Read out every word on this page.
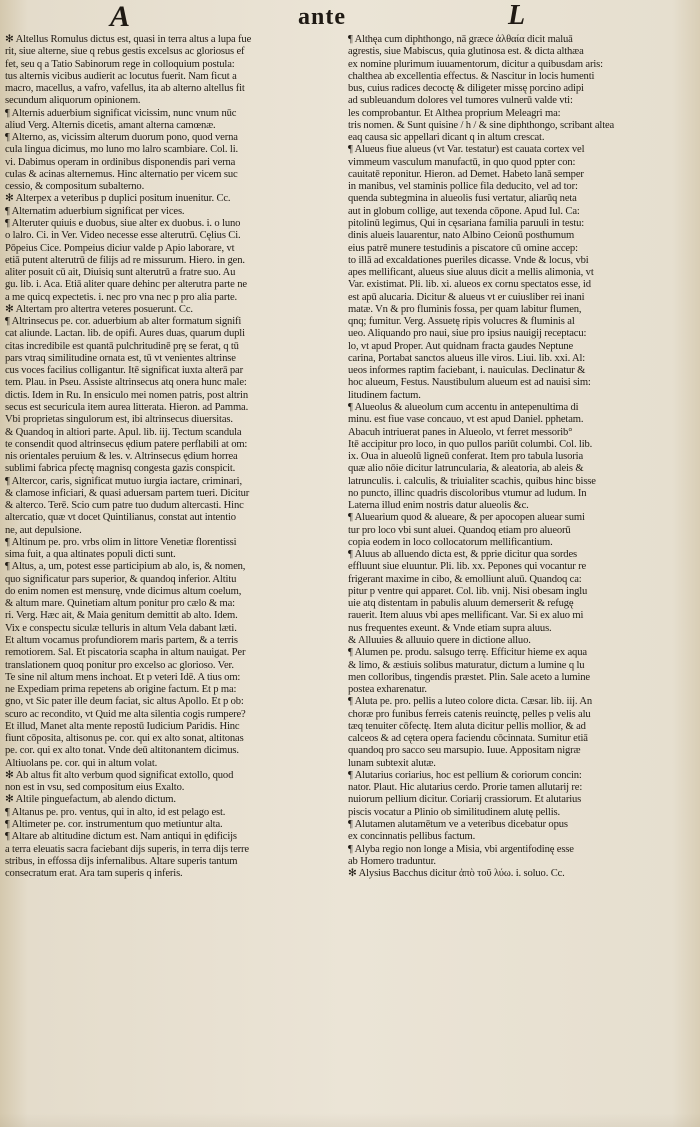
A	ante	L
✻ Altellus Romulus dictus est, quasi in terra altus a lupa fue
rit, siue alterne, siue q rebus gestis excelsus ac gloriosus ef
fet, seu q a Tatio Sabinorum rege in colloquium postula:
tus alternis vicibus audierit ac locutus fuerit. Nam ficut a
macro, macellus, a vafro, vafellus, ita ab alterno altellus fit
secundum aliquorum opinionem.
¶ Alternis aduerbium significat vicissim, nunc vnum nūc
aliud Verg. Alternis dicetis, amant alterna camœnæ.
¶ Alterno, as, vicissim alterum duorum pono, quod verna
cula lingua dicimus, mo luno mo lalro scambiare. Col. li.
vi. Dabimus operam in ordinibus disponendis pari verna
culas & acinas alternemus. Hinc alternatio per vicem suc
cessio, & compositum subalterno.
✻ Alterpex a veteribus p duplici positum inuenitur. Cc.
¶ Alternatim aduerbium significat per vices.
¶ Alteruter quiuis e duobus, siue alter ex duobus. i. o luno
o lalro. Ci. in Ver. Video necesse esse alterutrū. Cęlius Ci.
Pōpeius Cice. Pompeius diciur valde p Apio laborare, vt
etiā putent alterutrū de filijs ad re missurum. Hiero. in gen.
aliter posuit cū ait, Diuisiq sunt alterutrū a fratre suo. Au
gu. lib. i. Aca. Etiā aliter quare dehinc per alterutra parte ne
a me quicq expectetis. i. nec pro vna nec p pro alia parte.
✻ Altertam pro altertra veteres posuerunt. Cc.
¶ Altrinsecus pe. cor. aduerbium ab alter formatum signifi
cat aliunde. Lactan. lib. de opifi. Aures duas, quarum dupli
citas incredibile est quantā pulchritudinē prę se ferat, q tū
pars vtraq similitudine ornata est, tū vt venientes altrinse
cus voces facilius colligantur. Itē significat iuxta alterā par
tem. Plau. in Pseu. Assiste altrinsecus atq onera hunc male:
dictis. Idem in Ru. In ensiculo mei nomen patris, post altrin
secus est securicula item aurea litterata. Hieron. ad Pamma.
Vbi proprietas singulorum est, ibi altrinsecus diuersitas.
& Quandoq in altiori parte. Apul. lib. iij. Tectum scandula
te consendit quod altrinsecus ędium patere perflabili at om:
nis orientales peruium & les. v. Altrinsecus ędium horrea
sublimi fabrica pfectę magnisq congesta gazis conspicit.
¶ Altercor, caris, significat mutuo iurgia iactare, criminari,
& clamose inficiari, & quasi aduersam partem tueri. Dicitur
& alterco. Terē. Scio cum patre tuo dudum altercasti. Hinc
altercatio, quæ vt docet Quintilianus, constat aut intentio
ne, aut depulsione.
¶ Altinum pe. pro. vrbs olim in littore Venetiæ florentissi
sima fuit, a qua altinates populi dicti sunt.
¶ Altus, a, um, potest esse participium ab alo, is, & nomen,
quo significatur pars superior, & quandoq inferior. Altitu
do enim nomen est mensurę, vnde dicimus altum coelum,
& altum mare. Quinetiam altum ponitur pro cælo & ma:
ri. Verg. Hæc ait, & Maia genitum demittit ab alto. Idem.
Vix e conspectu siculæ telluris in altum Vela dabant læti.
Et altum vocamus profundiorem maris partem, & a terris
remotiorem. Sal. Et piscatoria scapha in altum nauigat. Per
translationem quoq ponitur pro excelso ac glorioso. Ver.
Te sine nil altum mens inchoat. Et p veteri Idē. A tius om:
ne Expediam prima repetens ab origine factum. Et p ma:
gno, vt Sic pater ille deum faciat, sic altus Apollo. Et p ob:
scuro ac recondito, vt Quid me alta silentia cogis rumpere?
Et illud, Manet alta mente repostū Iudicium Paridis. Hinc
fiunt cōposita, altisonus pe. cor. qui ex alto sonat, altitonas
pe. cor. qui ex alto tonat. Vnde deū altitonantem dicimus.
Altiuolans pe. cor. qui in altum volat.
✻ Ab altus fit alto verbum quod significat extollo, quod
non est in vsu, sed compositum eius Exalto.
✻ Altile pinguefactum, ab alendo dictum.
¶ Altanus pe. pro. ventus, qui in alto, id est pelago est.
¶ Altimeter pe. cor. instrumentum quo metiuntur alta.
¶ Altare ab altitudine dictum est. Nam antiqui in ędificijs
a terra eleuatis sacra faciebant dijs superis, in terra dijs terre
stribus, in effossa dijs infernalibus. Altare superis tantum
consecratum erat. Ara tam superis q inferis.
¶ Althęa cum diphthongo, nā græce ἀλθαία dicit maluā
agrestis, siue Mabiscus, quia glutinosa est. & dicta althæa
ex nomine plurimum iuuamentorum, dicitur a quibusdam aris:
chalthea ab excellentia effectus. & Nascitur in locis humenti
bus, cuius radices decoctę & diligeter missę porcino adipi
ad subleuandum dolores vel tumores vulnerū valde vti:
les comprobantur. Et Althea proprium Meleagri ma:
tris nomen. & Sunt quisine / h / & sine diphthongo, scribant altea
eaq causa sic appellari dicant q in altum crescat.
¶ Alueus fiue alueus (vt Var. testatur) est cauata cortex vel
vimmeum vasculum manufactū, in quo quod ppter con:
cauitatē reponitur. Hieron. ad Demet. Habeto lanā semper
in manibus, vel staminis pollice fila deducito, vel ad tor:
quenda subtegmina in alueolis fusi vertatur, aliarūq neta
aut in globum collige, aut texenda cōpone. Apud Iul. Ca:
pitolinū legimus, Qui in cęsariana familia paruuli in testu:
dinis alueis lauarentur, nato Albino Ceionū posthumum
eius patrē munere testudinis a piscatore cū omine accep:
to illā ad excaldationes pueriles dicasse. Vnde & locus, vbi
apes mellificant, alueus siue aluus dicit a mellis alimonia, vt
Var. existimat. Pli. lib. xi. alueos ex cornu spectatos esse, id
est apū alucaria. Dicitur & alueus vt er cuiusliber rei inani
matæ. Vn & pro fluminis fossa, per quam labitur flumen,
qnq; fumitur. Verg. Assuetę ripis volucres & fluminis al
ueo. Aliquando pro naui, siue pro ipsius nauigij receptacu:
lo, vt apud Proper. Aut quidnam fracta gaudes Neptune
carina, Portabat sanctos alueus ille viros. Liui. lib. xxi. Al:
ueos informes raptim faciebant, i. nauiculas. Declinatur &
hoc alueum, Festus. Naustibulum alueum est ad nauisi sim:
litudinem factum.
¶ Alueolus & alueolum cum accentu in antepenultima di
minu. est fiue vase concauo, vt est apud Daniel. pphetam.
Abacuh intriuerat panes in Alueolo, vt ferret messorib°
Itē accipitur pro loco, in quo pullos pariūt columbi. Col. lib.
ix. Oua in alueolū ligneū conferat. Item pro tabula lusoria
quæ alio nōie dicitur latruncularia, & aleatoria, ab aleis &
latrunculis. i. calculis, & triuialiter scachis, quibus hinc bisse
no puncto, illinc quadris discoloribus vtumur ad ludum. In
Laterna illud enim nostris datur alueolis &c.
¶ Aluearium quod & alueare, & per apocopen aluear sumi
tur pro loco vbi sunt aluei. Quandoq etiam pro alueorū
copia eodem in loco collocatorum mellificantium.
¶ Aluus ab alluendo dicta est, & pprie dicitur qua sordes
effluunt siue eluuntur. Pli. lib. xx. Pepones qui vocantur re
frigerant maxime in cibo, & emolliunt aluū. Quandoq ca:
pitur p ventre qui apparet. Col. lib. vnij. Nisi obesam inglu
uie atq distentam in pabulis aluum demerserit & refugę
rauerit. Item aluus vbi apes mellificant. Var. Si ex aluo mi
nus frequentes exeunt. & Vnde etiam supra aluus.
& Alluuies & alluuio quere in dictione alluo.
¶ Alumen pe. produ. salsugo terrę. Efficitur hieme ex aqua
& limo, & æstiuis solibus maturatur, dictum a lumine q lu
men colloribus, tingendis præstet. Plin. Sale aceto a lumine
postea exharenatur.
¶ Aluta pe. pro. pellis a luteo colore dicta. Cæsar. lib. iij. An
choræ pro funibus ferreis catenis reuinctę, pelles p velis alu
tæq tenuiter cōfectę. Item aluta dicitur pellis mollior, & ad
calceos & ad cętera opera faciendu cōcinnata. Sumitur etiā
quandoq pro sacco seu marsupio. Iuue. Appositam nigræ
lunam subtexit alutæ.
¶ Alutarius coriarius, hoc est pellium & coriorum concin:
nator. Plaut. Hic alutarius cerdo. Prorie tamen allutarij re:
nuiorum pellium dicitur. Coriarij crassiorum. Et alutarius
piscis vocatur a Plinio ob similitudinem alutę pellis.
¶ Alutamen alutamētum ve a veteribus dicebatur opus
ex concinnatis pellibus factum.
¶ Alyba regio non longe a Misia, vbi argentifodinę esse
ab Homero traduntur.
✻ Alysius Bacchus dicitur ἀπὸ τοῦ λύω. i. soluo. Cc.
